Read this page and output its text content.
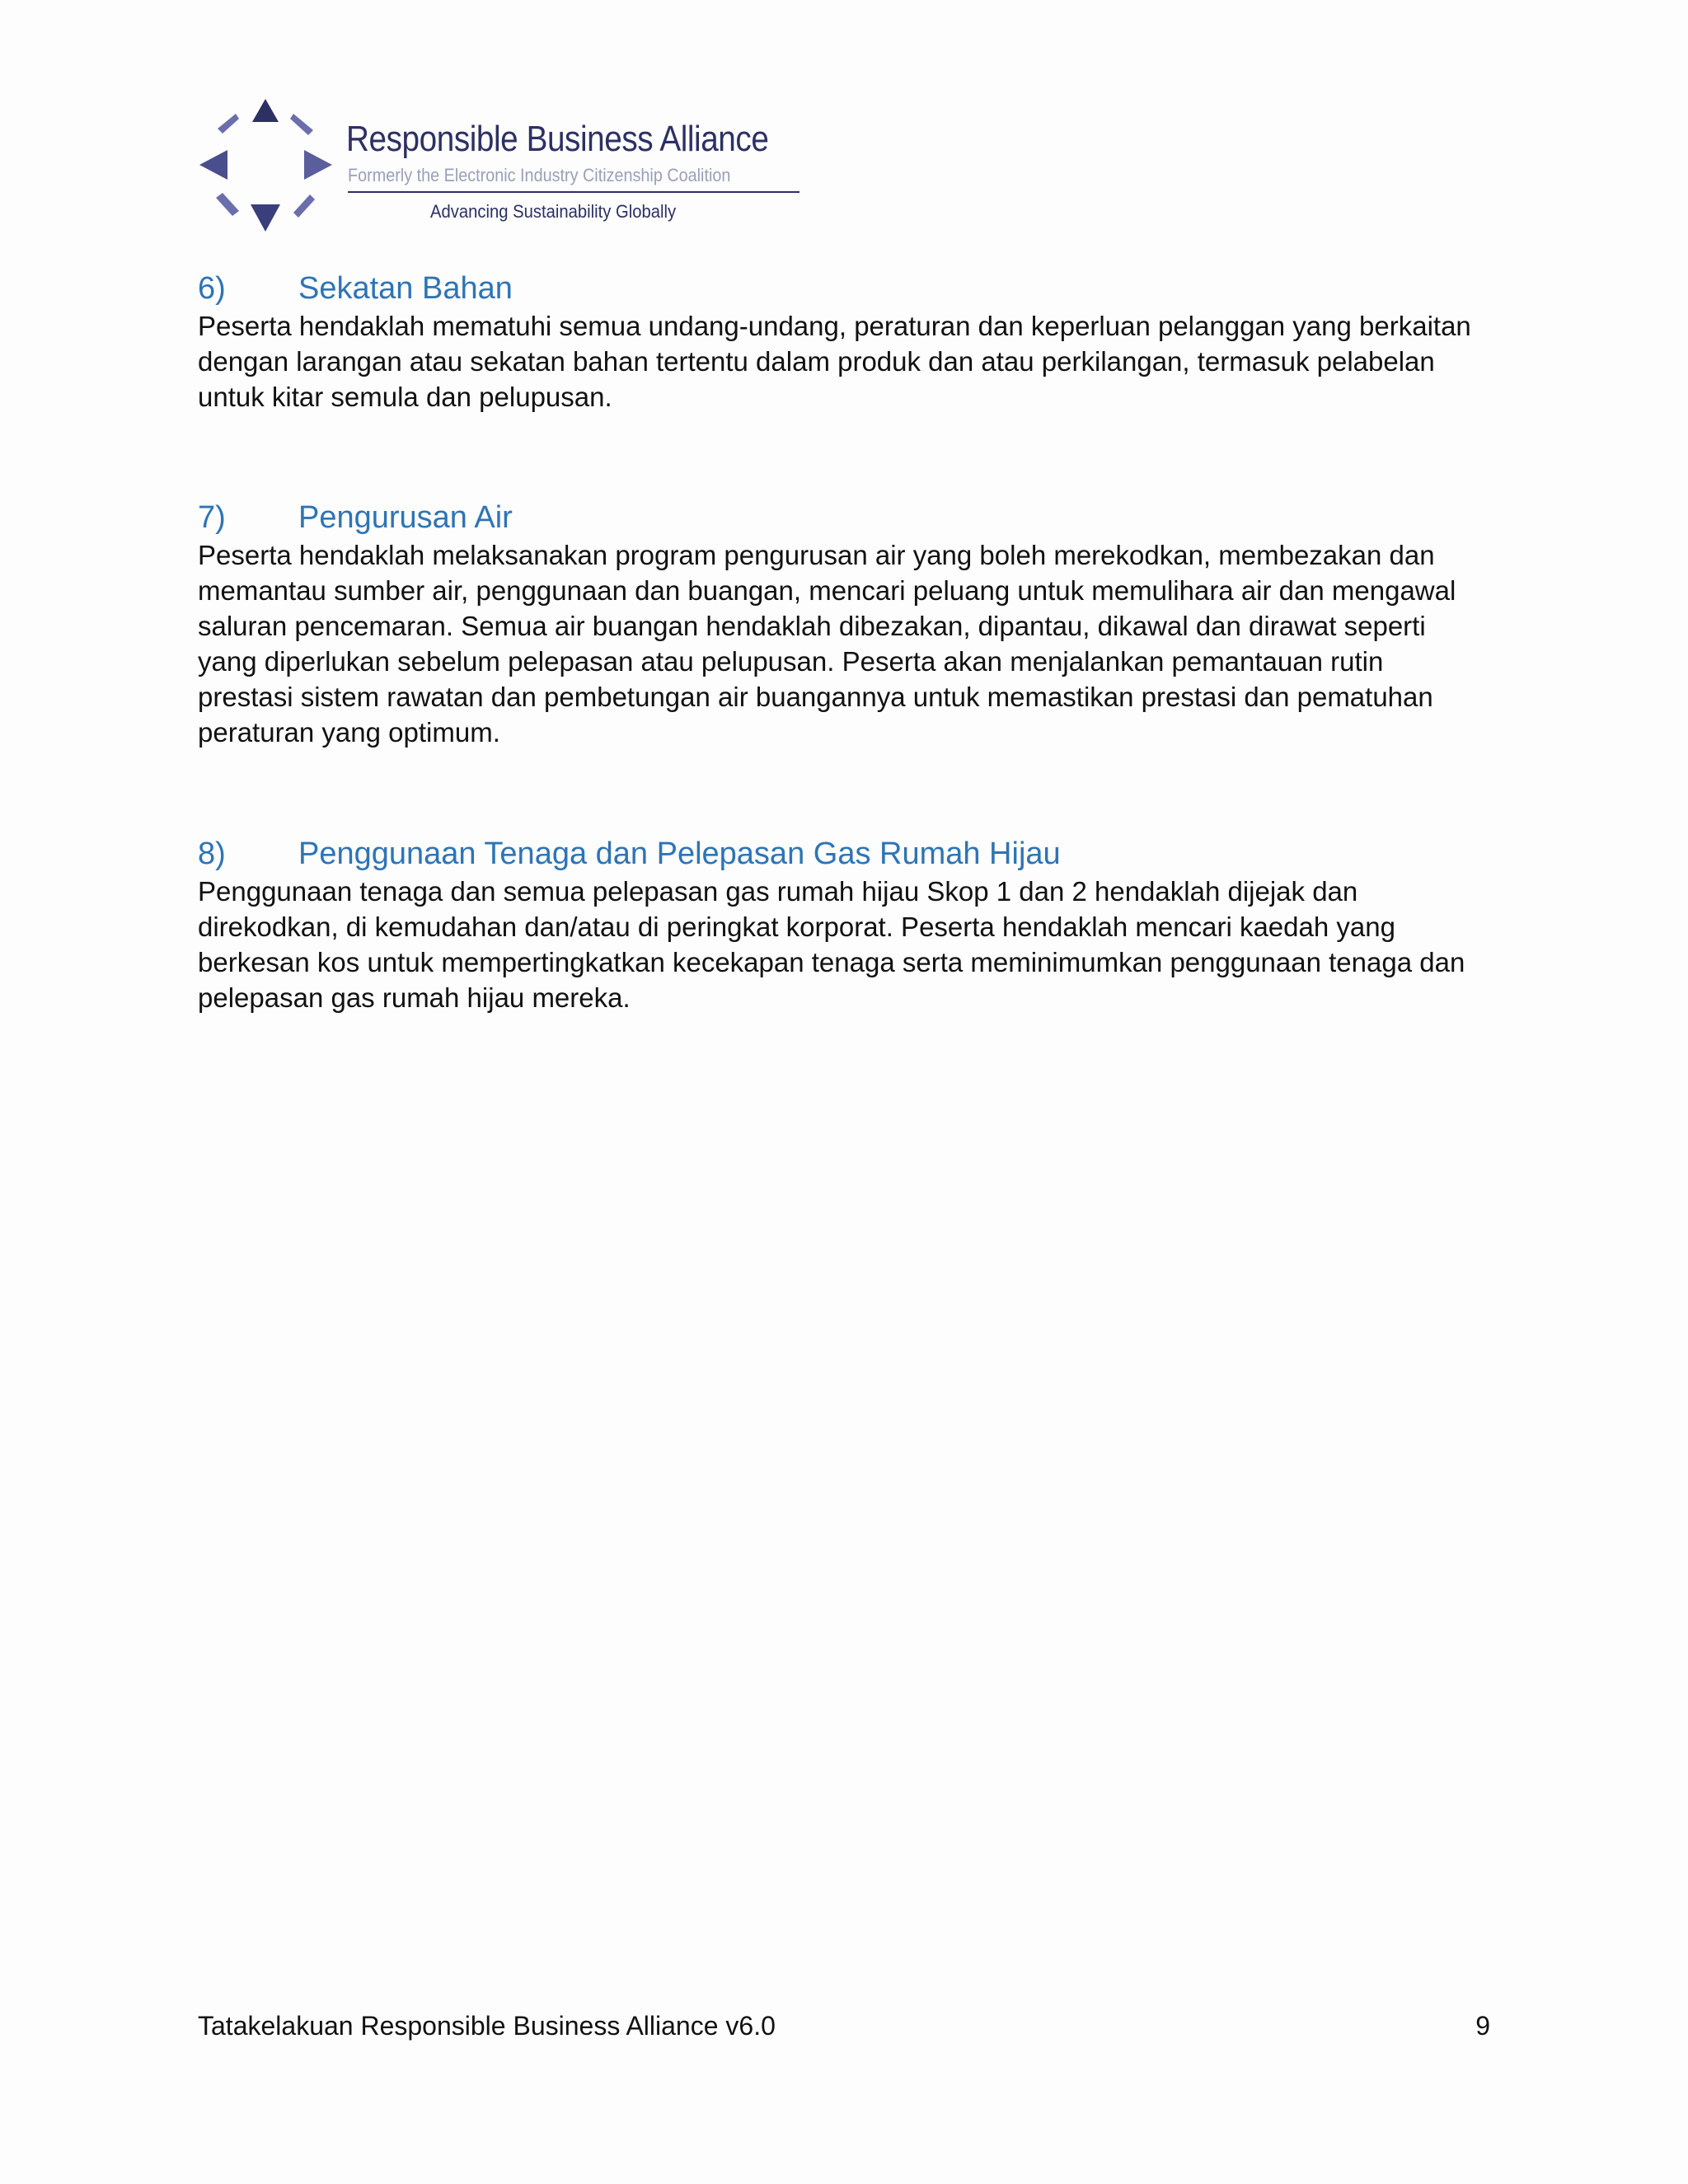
Responsible Business Alliance
Formerly the Electronic Industry Citizenship Coalition
Advancing Sustainability Globally
6)	Sekatan Bahan

Peserta hendaklah mematuhi semua undang-undang, peraturan dan keperluan pelanggan yang berkaitan dengan larangan atau sekatan bahan tertentu dalam produk dan atau perkilangan, termasuk pelabelan untuk kitar semula dan pelupusan.

7)	Pengurusan Air

Peserta hendaklah melaksanakan program pengurusan air yang boleh merekodkan, membezakan dan memantau sumber air, penggunaan dan buangan, mencari peluang untuk memulihara air dan mengawal saluran pencemaran. Semua air buangan hendaklah dibezakan, dipantau, dikawal dan dirawat seperti yang diperlukan sebelum pelepasan atau pelupusan. Peserta akan menjalankan pemantauan rutin prestasi sistem rawatan dan pembetungan air buangannya untuk memastikan prestasi dan pematuhan peraturan yang optimum.

8)	Penggunaan Tenaga dan Pelepasan Gas Rumah Hijau

Penggunaan tenaga dan semua pelepasan gas rumah hijau Skop 1 dan 2 hendaklah dijejak dan direkodkan, di kemudahan dan/atau di peringkat korporat. Peserta hendaklah mencari kaedah yang berkesan kos untuk mempertingkatkan kecekapan tenaga serta meminimumkan penggunaan tenaga dan pelepasan gas rumah hijau mereka.

Tatakelakuan Responsible Business Alliance v6.0	9
